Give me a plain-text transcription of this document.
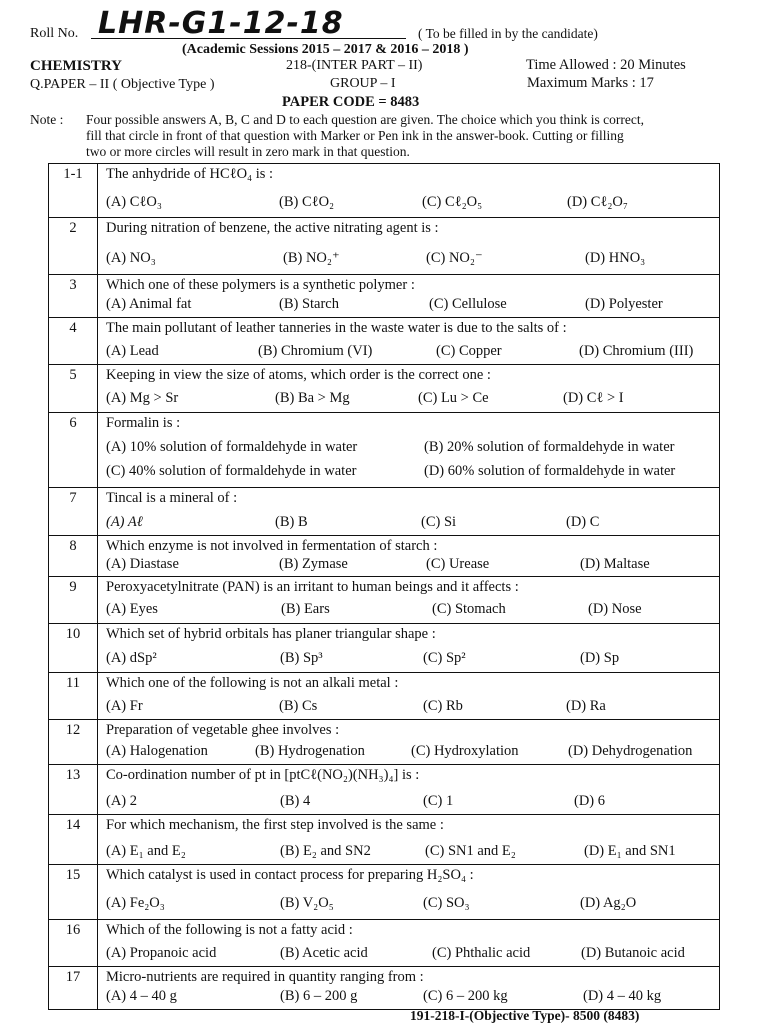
Roll No. LHR-G1-12-18	( To be filled in by the candidate)
(Academic Sessions 2015 – 2017 & 2016 – 2018 )
CHEMISTRY	218-(INTER PART – II)	Time Allowed : 20 Minutes
Q.PAPER – II ( Objective Type )	GROUP – I	Maximum Marks : 17
PAPER CODE = 8483
Note : Four possible answers A, B, C and D to each question are given. The choice which you think is correct,
fill that circle in front of that question with Marker or Pen ink in the answer-book. Cutting or filling
two or more circles will result in zero mark in that question.
1-1	The anhydride of HCℓO₄ is :
(A) CℓO₃ (B) CℓO₂ (C) Cℓ₂O₅ (D) Cℓ₂O₇

2	During nitration of benzene, the active nitrating agent is :
(A) NO₃ (B) NO₂⁺ (C) NO₂⁻ (D) HNO₃

3	Which one of these polymers is a synthetic polymer :
(A) Animal fat (B) Starch (C) Cellulose (D) Polyester

4	The main pollutant of leather tanneries in the waste water is due to the salts of :
(A) Lead (B) Chromium (VI) (C) Copper (D) Chromium (III)

5	Keeping in view the size of atoms, which order is the correct one :
(A) Mg > Sr (B) Ba > Mg (C) Lu > Ce (D) Cℓ > I

6	Formalin is :
(A) 10% solution of formaldehyde in water (B) 20% solution of formaldehyde in water
(C) 40% solution of formaldehyde in water (D) 60% solution of formaldehyde in water

7	Tincal is a mineral of :
(A) Aℓ (B) B (C) Si (D) C

8	Which enzyme is not involved in fermentation of starch :
(A) Diastase (B) Zymase (C) Urease (D) Maltase

9	Peroxyacetylnitrate (PAN) is an irritant to human beings and it affects :
(A) Eyes (B) Ears (C) Stomach (D) Nose

10	Which set of hybrid orbitals has planer triangular shape :
(A) dSp² (B) Sp³ (C) Sp² (D) Sp

11	Which one of the following is not an alkali metal :
(A) Fr (B) Cs (C) Rb (D) Ra

12	Preparation of vegetable ghee involves :
(A) Halogenation (B) Hydrogenation (C) Hydroxylation (D) Dehydrogenation

13	Co-ordination number of pt in [ptCℓ(NO₂)(NH₃)₄] is :
(A) 2 (B) 4 (C) 1 (D) 6

14	For which mechanism, the first step involved is the same :
(A) E₁ and E₂ (B) E₂ and SN2 (C) SN1 and E₂ (D) E₁ and SN1

15	Which catalyst is used in contact process for preparing H₂SO₄ :
(A) Fe₂O₃ (B) V₂O₅ (C) SO₃ (D) Ag₂O

16	Which of the following is not a fatty acid :
(A) Propanoic acid (B) Acetic acid (C) Phthalic acid (D) Butanoic acid

17	Micro-nutrients are required in quantity ranging from :
(A) 4 – 40 g (B) 6 – 200 g (C) 6 – 200 kg (D) 4 – 40 kg
191-218-I-(Objective Type)- 8500 (8483)
